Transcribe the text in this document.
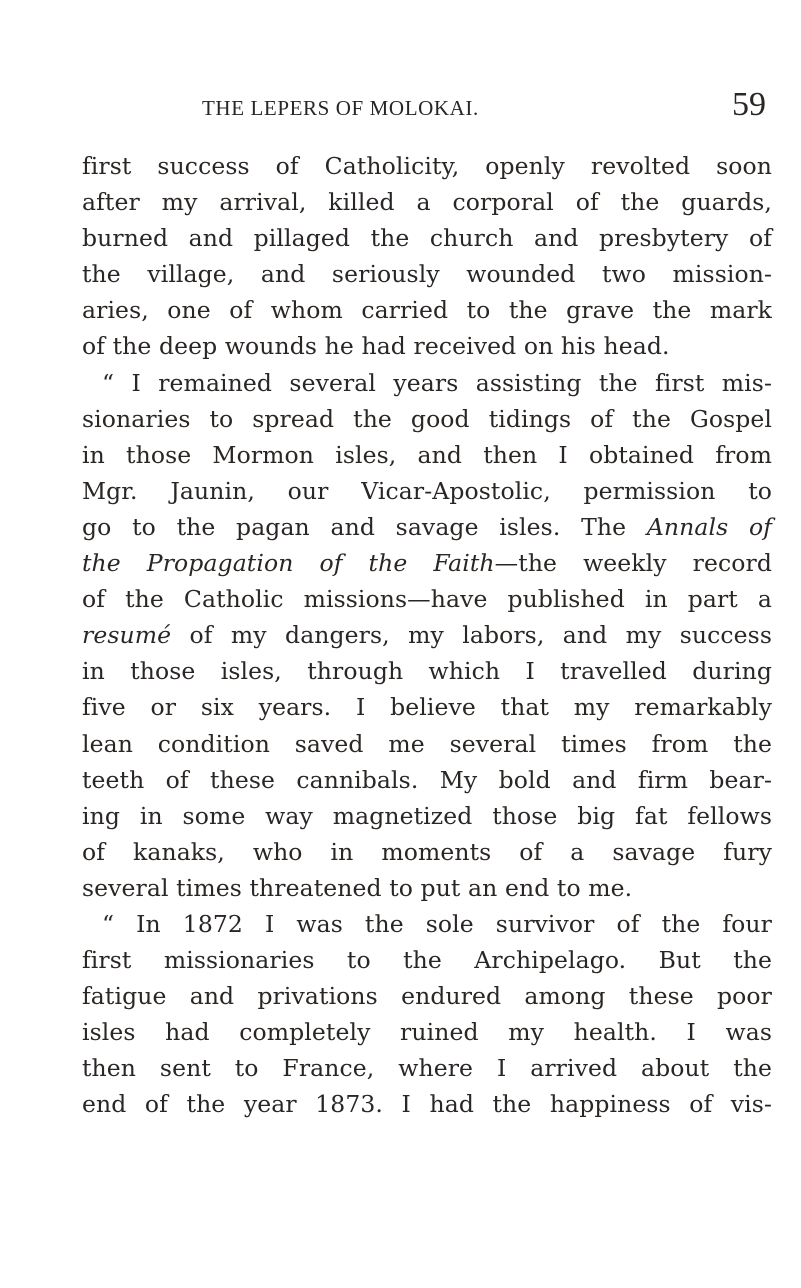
THE LEPERS OF MOLOKAI.	59
first success of Catholicity, openly revolted soon
after my arrival, killed a corporal of the guards,
burned and pillaged the church and presbytery of
the village, and seriously wounded two mission-
aries, one of whom carried to the grave the mark
of the deep wounds he had received on his head.
“ I remained several years assisting the first mis-
sionaries to spread the good tidings of the Gospel
in those Mormon isles, and then I obtained from
Mgr. Jaunin, our Vicar-Apostolic, permission to
go to the pagan and savage isles. The Annals of
the Propagation of the Faith—the weekly record
of the Catholic missions—have published in part a
resumé of my dangers, my labors, and my success
in those isles, through which I travelled during
five or six years. I believe that my remarkably
lean condition saved me several times from the
teeth of these cannibals. My bold and firm bear-
ing in some way magnetized those big fat fellows
of kanaks, who in moments of a savage fury
several times threatened to put an end to me.
“ In 1872 I was the sole survivor of the four
first missionaries to the Archipelago. But the
fatigue and privations endured among these poor
isles had completely ruined my health. I was
then sent to France, where I arrived about the
end of the year 1873. I had the happiness of vis-
